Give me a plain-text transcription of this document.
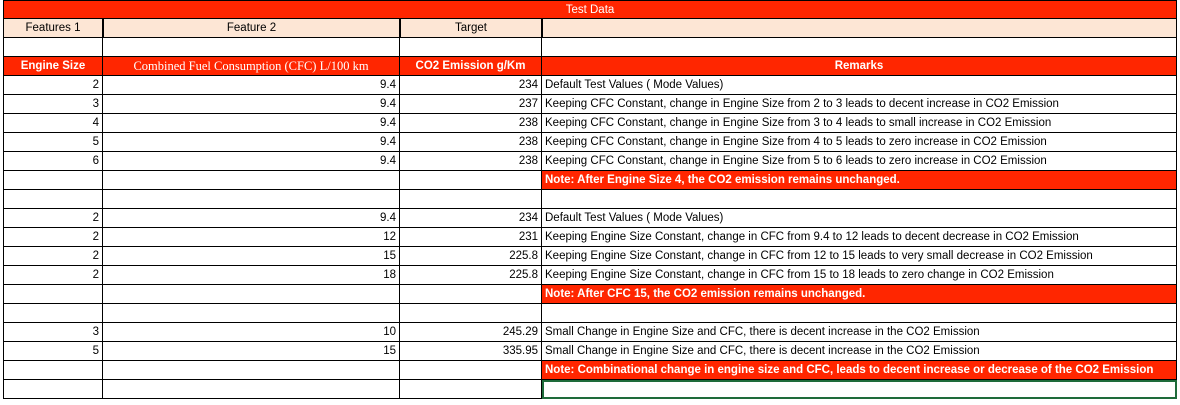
Test Data
Features 1	Feature 2	Target
Engine Size	Combined Fuel Consumption (CFC) L/100 km	CO2 Emission g/Km	Remarks
2	9.4	234 Default Test Values ( Mode Values)
3	9.4	237 Keeping CFC Constant, change in Engine Size from 2 to 3 leads to decent increase in CO2 Emission
4	9.4	238 Keeping CFC Constant, change in Engine Size from 3 to 4 leads to small increase in CO2 Emission
5	9.4	238 Keeping CFC Constant, change in Engine Size from 4 to 5 leads to zero increase in CO2 Emission
6	9.4	238 Keeping CFC Constant, change in Engine Size from 5 to 6 leads to zero increase in CO2 Emission
Note: After Engine Size 4, the CO2 emission remains unchanged.
2	9.4	234 Default Test Values ( Mode Values)
2	12	231 Keeping Engine Size Constant, change in CFC from 9.4 to 12 leads to decent decrease in CO2 Emission
2	15	225.8 Keeping Engine Size Constant, change in CFC from 12 to 15 leads to very small decrease in CO2 Emission
2	18	225.8 Keeping Engine Size Constant, change in CFC from 15 to 18 leads to zero change in CO2 Emission
Note: After CFC 15, the CO2 emission remains unchanged.
3	10	245.29 Small Change in Engine Size and CFC, there is decent increase in the CO2 Emission
5	15	335.95 Small Change in Engine Size and CFC, there is decent increase in the CO2 Emission
Note: Combinational change in engine size and CFC, leads to decent increase or decrease of the CO2 Emission
